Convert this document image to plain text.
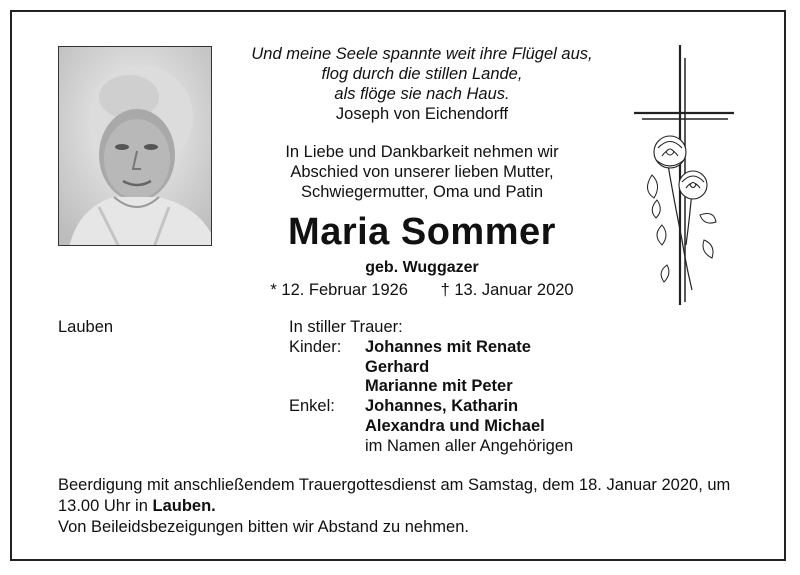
Und meine Seele spannte weit ihre Flügel aus,
flog durch die stillen Lande,
als flöge sie nach Haus.
Joseph von Eichendorff
In Liebe und Dankbarkeit nehmen wir
Abschied von unserer lieben Mutter,
Schwiegermutter, Oma und Patin
Maria Sommer
geb. Wuggazer
* 12. Februar 1926 † 13. Januar 2020
Lauben	In stiller Trauer:
Kinder: Johannes mit Renate
Gerhard
Marianne mit Peter
Enkel: Johannes, Katharin
Alexandra und Michael
im Namen aller Angehörigen
Beerdigung mit anschließendem Trauergottesdienst am Samstag, dem 18. Januar 2020, um 13.00 Uhr in Lauben.
Von Beileidsbezeigungen bitten wir Abstand zu nehmen.
